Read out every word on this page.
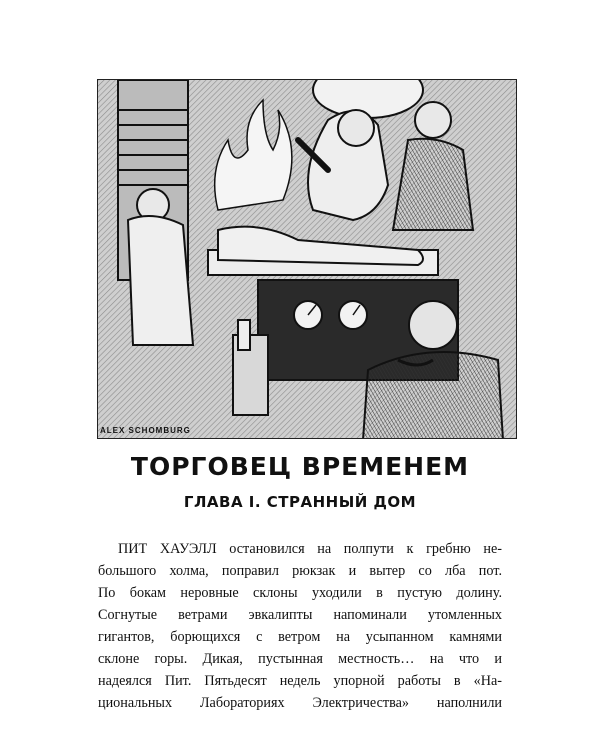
ALEX SCHOMBURG
ТОРГОВЕЦ ВРЕМЕНЕМ
ГЛАВА I. СТРАННЫЙ ДОМ
ПИТ ХАУЭЛЛ остановился на полпути к гребню не-
большого холма, поправил рюкзак и вытер со лба пот.
По бокам неровные склоны уходили в пустую долину.
Согнутые ветрами эвкалипты напоминали утомленных
гигантов, борющихся с ветром на усыпанном камнями
склоне горы. Дикая, пустынная местность… на что и
надеялся Пит. Пятьдесят недель упорной работы в «На-
циональных Лабораториях Электричества» наполнили
